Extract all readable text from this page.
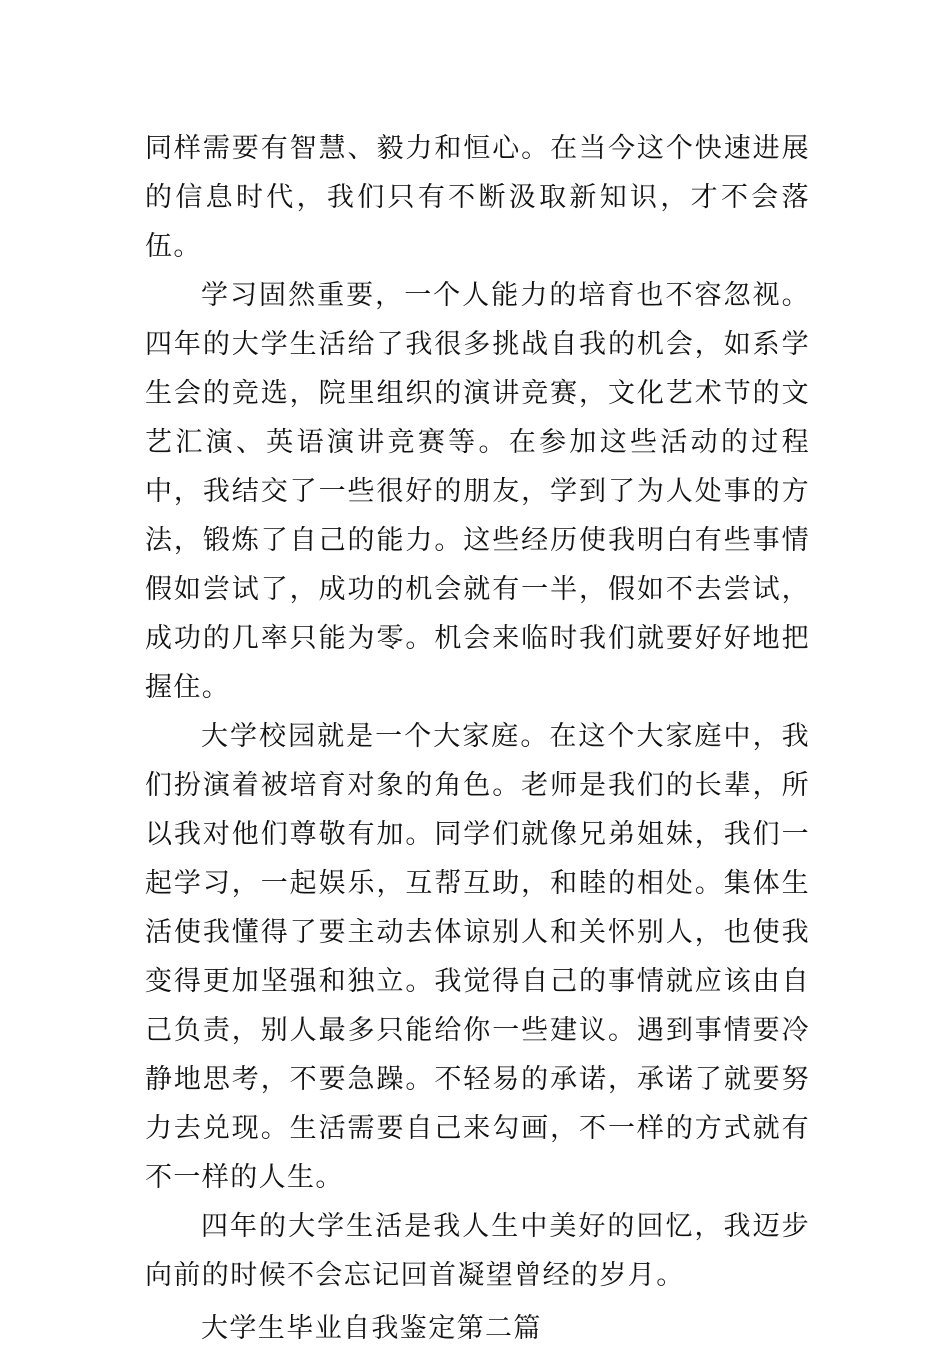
同样需要有智慧、毅力和恒心。在当今这个快速进展的信息时代，我们只有不断汲取新知识，才不会落伍。

学习固然重要，一个人能力的培育也不容忽视。四年的大学生活给了我很多挑战自我的机会，如系学生会的竞选，院里组织的演讲竞赛，文化艺术节的文艺汇演、英语演讲竞赛等。在参加这些活动的过程中，我结交了一些很好的朋友，学到了为人处事的方法，锻炼了自己的能力。这些经历使我明白有些事情假如尝试了，成功的机会就有一半，假如不去尝试，成功的几率只能为零。机会来临时我们就要好好地把握住。

大学校园就是一个大家庭。在这个大家庭中，我们扮演着被培育对象的角色。老师是我们的长辈，所以我对他们尊敬有加。同学们就像兄弟姐妹，我们一起学习，一起娱乐，互帮互助，和睦的相处。集体生活使我懂得了要主动去体谅别人和关怀别人，也使我变得更加坚强和独立。我觉得自己的事情就应该由自己负责，别人最多只能给你一些建议。遇到事情要冷静地思考，不要急躁。不轻易的承诺，承诺了就要努力去兑现。生活需要自己来勾画，不一样的方式就有不一样的人生。

四年的大学生活是我人生中美好的回忆，我迈步向前的时候不会忘记回首凝望曾经的岁月。

大学生毕业自我鉴定第二篇
